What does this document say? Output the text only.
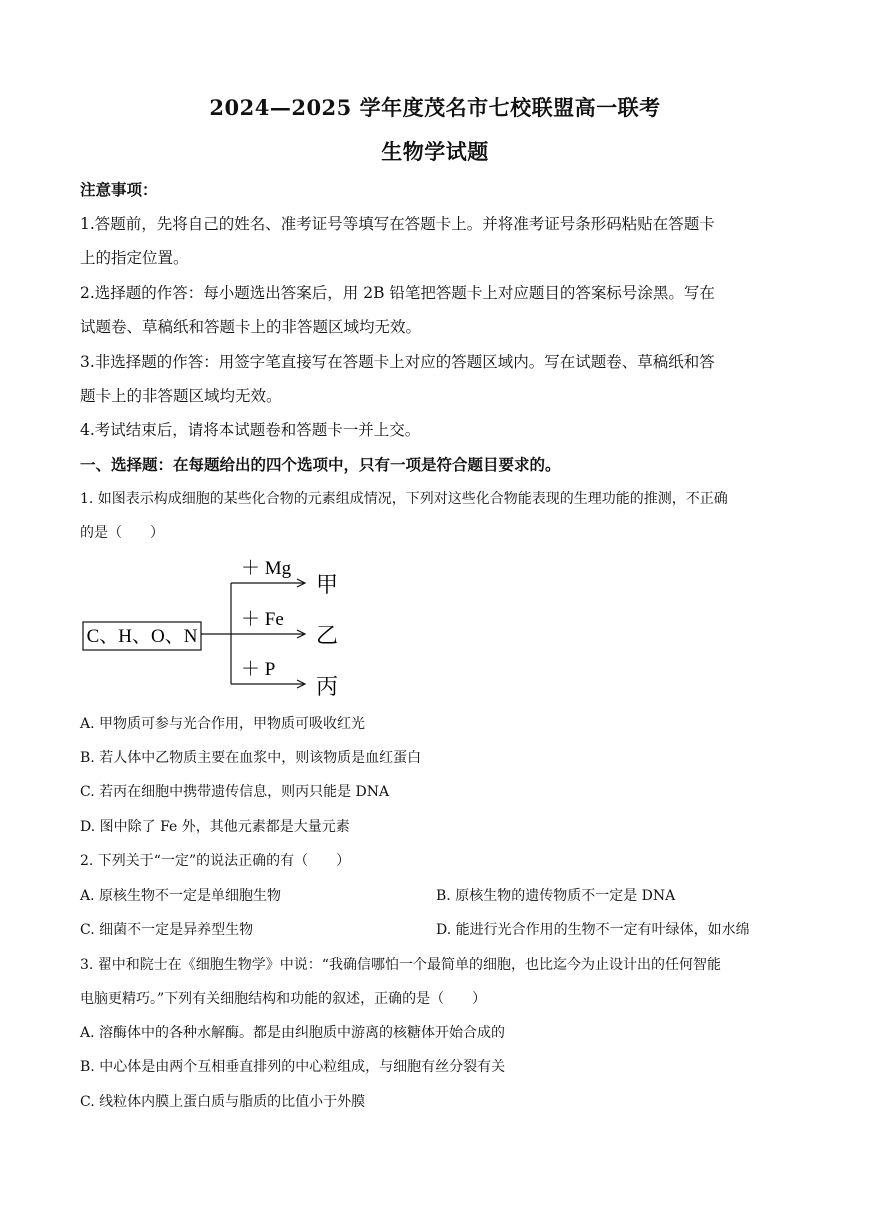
2024—2025 学年度茂名市七校联盟高一联考
生物学试题
注意事项：
1.答题前，先将自己的姓名、准考证号等填写在答题卡上。并将准考证号条形码粘贴在答题卡
上的指定位置。
2.选择题的作答：每小题选出答案后，用 2B 铅笔把答题卡上对应题目的答案标号涂黑。写在
试题卷、草稿纸和答题卡上的非答题区域均无效。
3.非选择题的作答：用签字笔直接写在答题卡上对应的答题区域内。写在试题卷、草稿纸和答
题卡上的非答题区域均无效。
4.考试结束后，请将本试题卷和答题卡一并上交。
一、选择题：在每题给出的四个选项中，只有一项是符合题目要求的。
1. 如图表示构成细胞的某些化合物的元素组成情况，下列对这些化合物能表现的生理功能的推测，不正确
的是（　　）
C、H、O、N
＋ Mg
＋ Fe
＋ P
甲
乙
丙
A. 甲物质可参与光合作用，甲物质可吸收红光
B. 若人体中乙物质主要在血浆中，则该物质是血红蛋白
C. 若丙在细胞中携带遗传信息，则丙只能是 DNA
D. 图中除了 Fe 外，其他元素都是大量元素
2. 下列关于“一定”的说法正确的有（　　）
A. 原核生物不一定是单细胞生物	B. 原核生物的遗传物质不一定是 DNA
C. 细菌不一定是异养型生物	D. 能进行光合作用的生物不一定有叶绿体，如水绵
3. 翟中和院士在《细胞生物学》中说：“我确信哪怕一个最简单的细胞，也比迄今为止设计出的任何智能
电脑更精巧。”下列有关细胞结构和功能的叙述，正确的是（　　）
A. 溶酶体中的各种水解酶。都是由纠胞质中游离的核糖体开始合成的
B. 中心体是由两个互相垂直排列的中心粒组成，与细胞有丝分裂有关
C. 线粒体内膜上蛋白质与脂质的比值小于外膜
